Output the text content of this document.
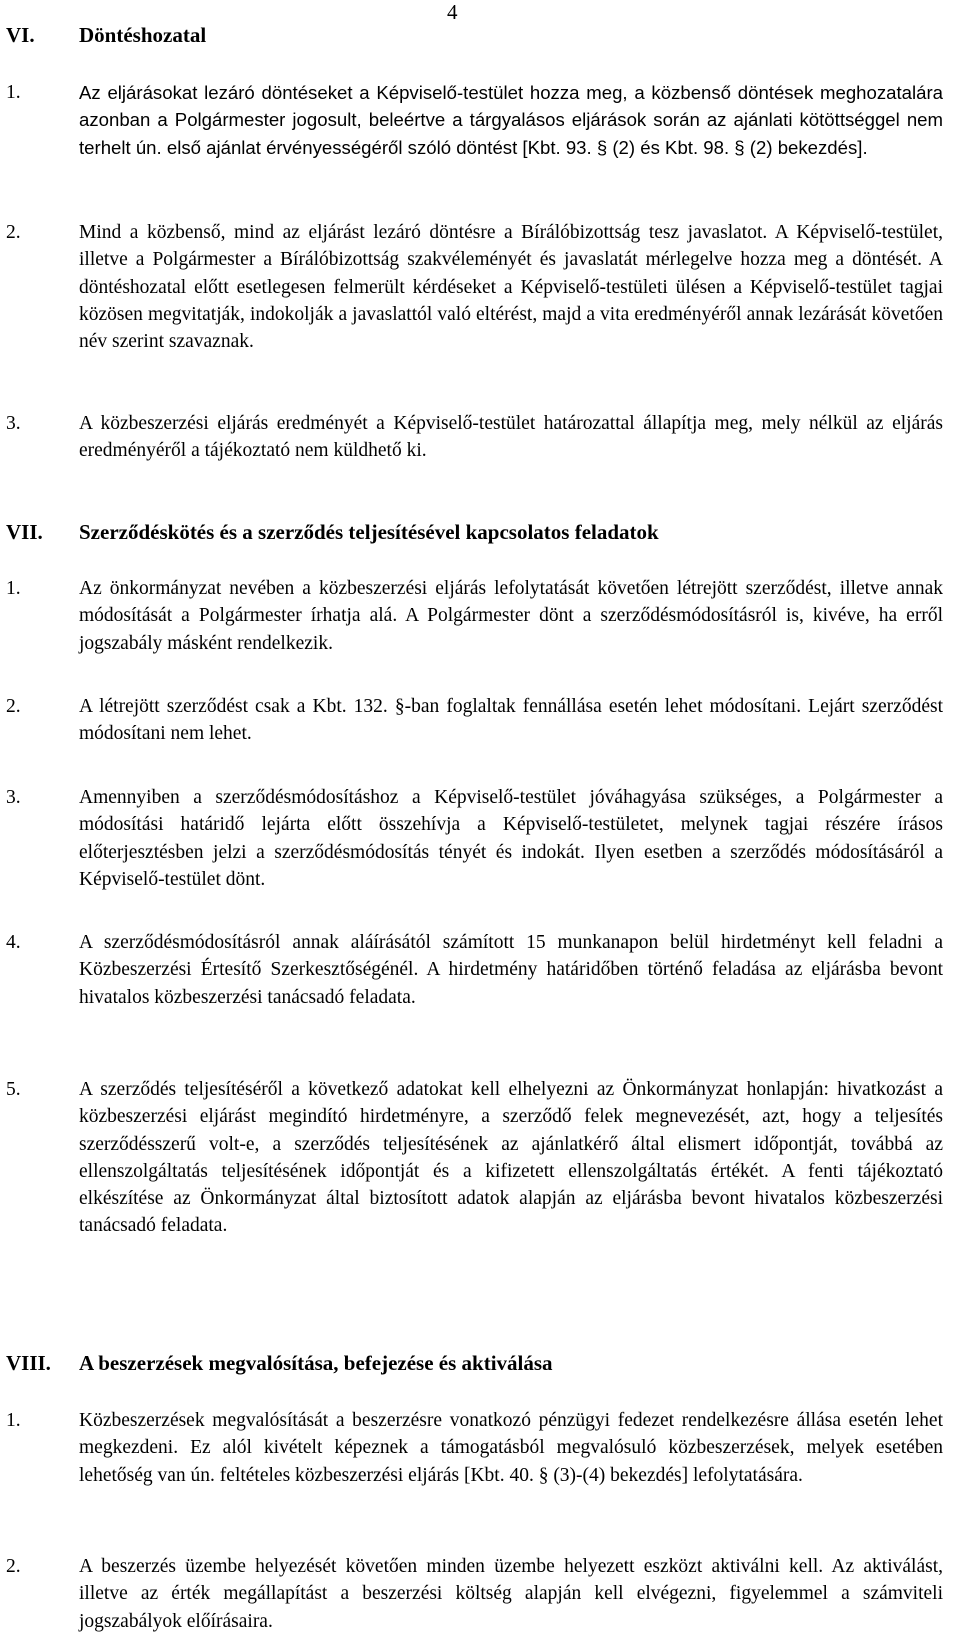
4
VI. Döntéshozatal
1.	Az eljárásokat lezáró döntéseket a Képviselő-testület hozza meg, a közbenső döntések meghozatalára azonban a Polgármester jogosult, beleértve a tárgyalásos eljárások során az ajánlati kötöttséggel nem terhelt ún. első ajánlat érvényességéről szóló döntést [Kbt. 93. § (2) és Kbt. 98. § (2) bekezdés].
2.	Mind a közbenső, mind az eljárást lezáró döntésre a Bírálóbizottság tesz javaslatot. A Képviselő-testület, illetve a Polgármester a Bírálóbizottság szakvéleményét és javaslatát mérlegelve hozza meg a döntését. A döntéshozatal előtt esetlegesen felmerült kérdéseket a Képviselő-testületi ülésen a Képviselő-testület tagjai közösen megvitatják, indokolják a javaslattól való eltérést, majd a vita eredményéről annak lezárását követően név szerint szavaznak.
3.	A közbeszerzési eljárás eredményét a Képviselő-testület határozattal állapítja meg, mely nélkül az eljárás eredményéről a tájékoztató nem küldhető ki.
VII. Szerződéskötés és a szerződés teljesítésével kapcsolatos feladatok
1.	Az önkormányzat nevében a közbeszerzési eljárás lefolytatását követően létrejött szerződést, illetve annak módosítását a Polgármester írhatja alá. A Polgármester dönt a szerződésmódosításról is, kivéve, ha erről jogszabály másként rendelkezik.
2.	A létrejött szerződést csak a Kbt. 132. §-ban foglaltak fennállása esetén lehet módosítani. Lejárt szerződést módosítani nem lehet.
3.	Amennyiben a szerződésmódosításhoz a Képviselő-testület jóváhagyása szükséges, a Polgármester a módosítási határidő lejárta előtt összehívja a Képviselő-testületet, melynek tagjai részére írásos előterjesztésben jelzi a szerződésmódosítás tényét és indokát. Ilyen esetben a szerződés módosításáról a Képviselő-testület dönt.
4.	A szerződésmódosításról annak aláírásától számított 15 munkanapon belül hirdetményt kell feladni a Közbeszerzési Értesítő Szerkesztőségénél. A hirdetmény határidőben történő feladása az eljárásba bevont hivatalos közbeszerzési tanácsadó feladata.
5.	A szerződés teljesítéséről a következő adatokat kell elhelyezni az Önkormányzat honlapján: hivatkozást a közbeszerzési eljárást megindító hirdetményre, a szerződő felek megnevezését, azt, hogy a teljesítés szerződésszerű volt-e, a szerződés teljesítésének az ajánlatkérő által elismert időpontját, továbbá az ellenszolgáltatás teljesítésének időpontját és a kifizetett ellenszolgáltatás értékét. A fenti tájékoztató elkészítése az Önkormányzat által biztosított adatok alapján az eljárásba bevont hivatalos közbeszerzési tanácsadó feladata.
VIII. A beszerzések megvalósítása, befejezése és aktiválása
1.	Közbeszerzések megvalósítását a beszerzésre vonatkozó pénzügyi fedezet rendelkezésre állása esetén lehet megkezdeni. Ez alól kivételt képeznek a támogatásból megvalósuló közbeszerzések, melyek esetében lehetőség van ún. feltételes közbeszerzési eljárás [Kbt. 40. § (3)-(4) bekezdés] lefolytatására.
2.	A beszerzés üzembe helyezését követően minden üzembe helyezett eszközt aktiválni kell. Az aktiválást, illetve az érték megállapítást a beszerzési költség alapján kell elvégezni, figyelemmel a számviteli jogszabályok előírásaira.
